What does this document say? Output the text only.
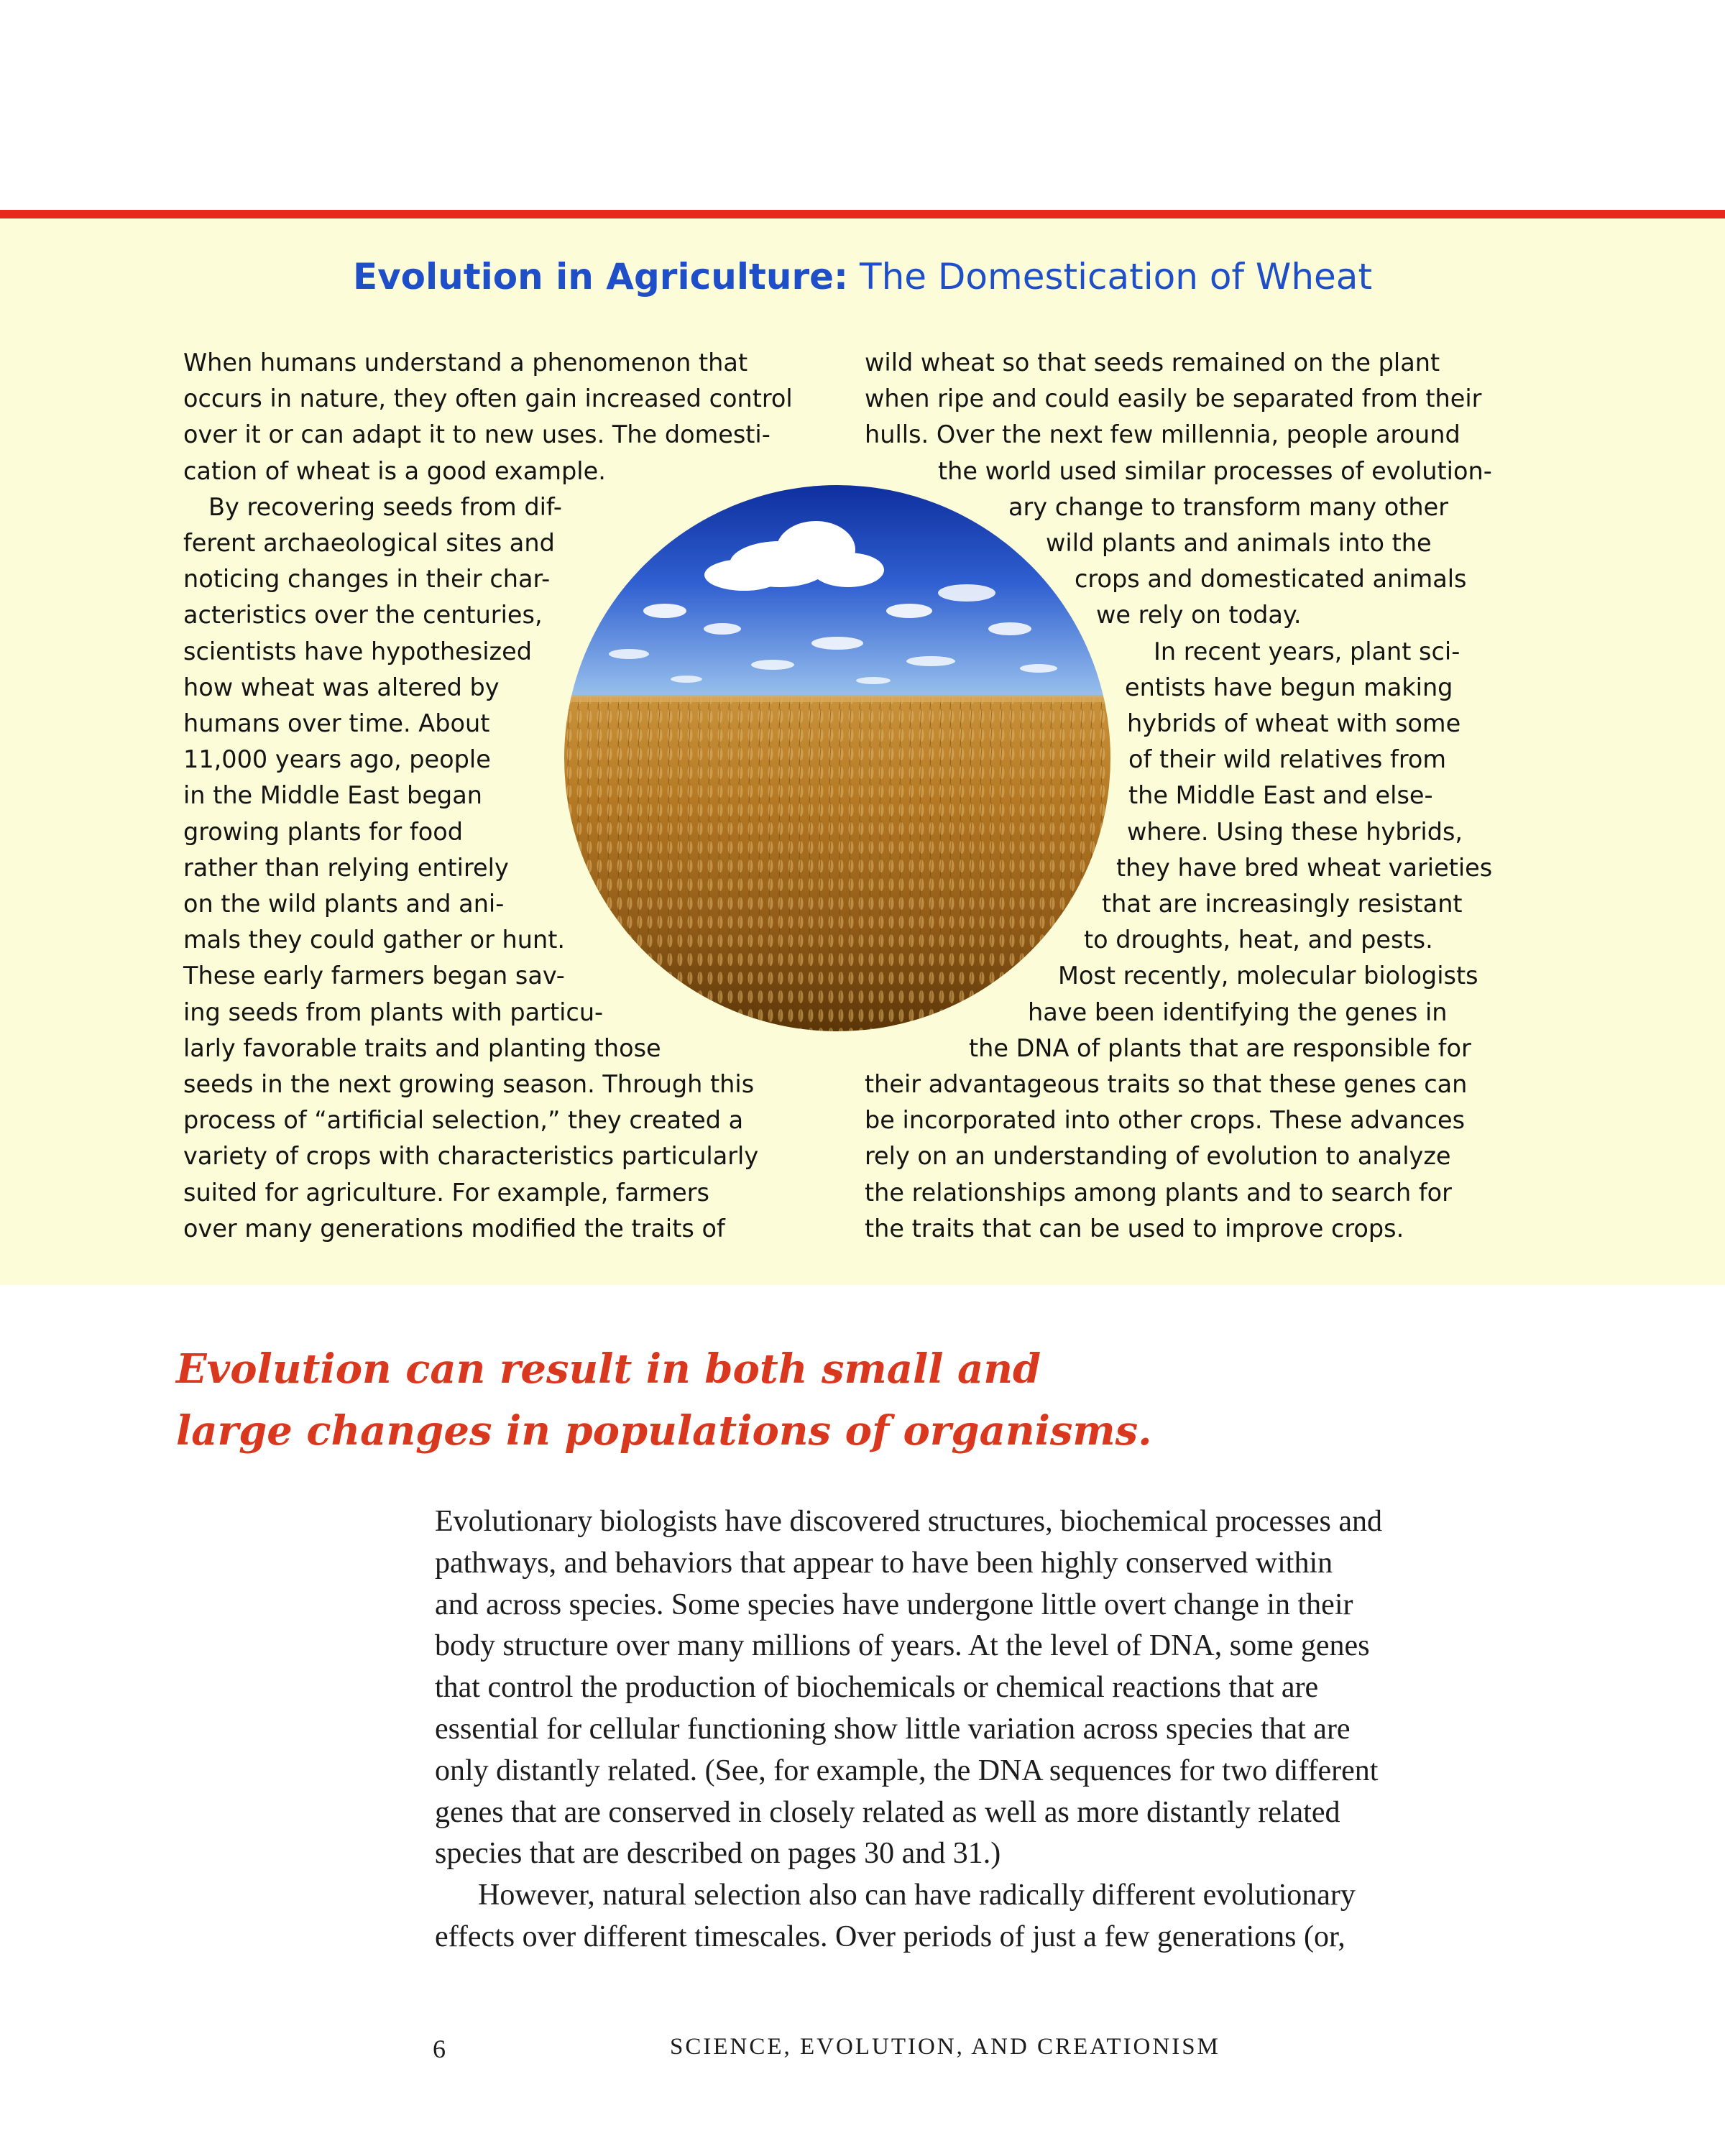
Evolution in Agriculture: The Domestication of Wheat
When humans understand a phenomenon that
occurs in nature, they often gain increased control
over it or can adapt it to new uses. The domesti-
cation of wheat is a good example.
By recovering seeds from dif-
ferent archaeological sites and
noticing changes in their char-
acteristics over the centuries,
scientists have hypothesized
how wheat was altered by
humans over time. About
11,000 years ago, people
in the Middle East began
growing plants for food
rather than relying entirely
on the wild plants and ani-
mals they could gather or hunt.
These early farmers began sav-
ing seeds from plants with particu-
larly favorable traits and planting those
seeds in the next growing season. Through this
process of “artificial selection,” they created a
variety of crops with characteristics particularly
suited for agriculture. For example, farmers
over many generations modified the traits of
wild wheat so that seeds remained on the plant
when ripe and could easily be separated from their
hulls. Over the next few millennia, people around
the world used similar processes of evolution-
ary change to transform many other
wild plants and animals into the
crops and domesticated animals
we rely on today.
In recent years, plant sci-
entists have begun making
hybrids of wheat with some
of their wild relatives from
the Middle East and else-
where. Using these hybrids,
they have bred wheat varieties
that are increasingly resistant
to droughts, heat, and pests.
Most recently, molecular biologists
have been identifying the genes in
the DNA of plants that are responsible for
their advantageous traits so that these genes can
be incorporated into other crops. These advances
rely on an understanding of evolution to analyze
the relationships among plants and to search for
the traits that can be used to improve crops.
Evolution can result in both small and
large changes in populations of organisms.
Evolutionary biologists have discovered structures, biochemical processes and
pathways, and behaviors that appear to have been highly conserved within
and across species. Some species have undergone little overt change in their
body structure over many millions of years. At the level of DNA, some genes
that control the production of biochemicals or chemical reactions that are
essential for cellular functioning show little variation across species that are
only distantly related. (See, for example, the DNA sequences for two different
genes that are conserved in closely related as well as more distantly related
species that are described on pages 30 and 31.)
However, natural selection also can have radically different evolutionary
effects over different timescales. Over periods of just a few generations (or,
6	SCIENCE, EVOLUTION, AND CREATIONISM
